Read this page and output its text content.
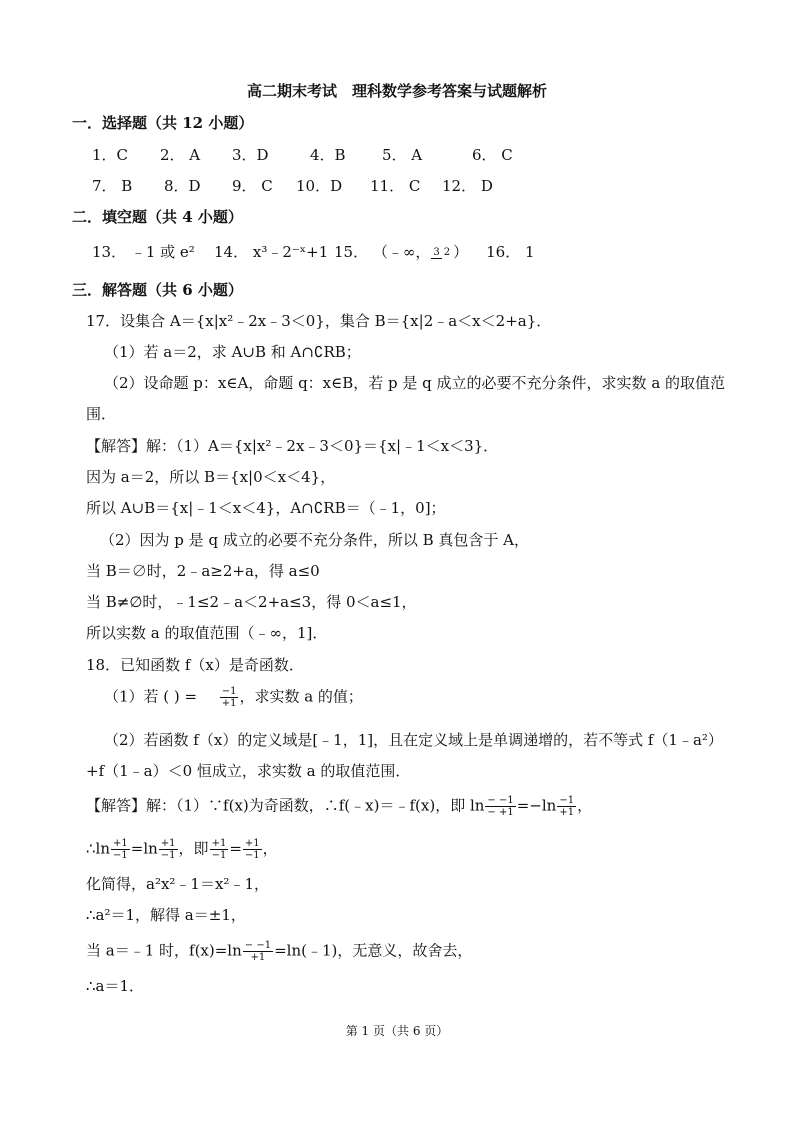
高二期末考试　理科数学参考答案与试题解析
一．选择题（共 12 小题）
1．C 2． A 3．D	4．B 5． A	6． C
7． B 8．D 9． C 10．D 11． C 12． D
二．填空题（共 4 小题）
13． ﹣1 或 e² 14． x³﹣2⁻ˣ+1 15． （﹣∞， 3 2 ） 16． 1
三．解答题（共 6 小题）
17．设集合 A＝{x|x²﹣2x﹣3＜0}，集合 B＝{x|2﹣a＜x＜2+a}．
（1）若 a＝2，求 A∪B 和 A∩∁RB；
（2）设命题 p：x∈A，命题 q：x∈B，若 p 是 q 成立的必要不充分条件，求实数 a 的取值范
围．
【解答】解：（1）A＝{x|x²﹣2x﹣3＜0}＝{x|﹣1＜x＜3}．
因为 a＝2，所以 B＝{x|0＜x＜4}，
所以 A∪B＝{x|﹣1＜x＜4}，A∩∁RB＝（﹣1，0]；
（2）因为 p 是 q 成立的必要不充分条件，所以 B 真包含于 A，
当 B＝∅时，2﹣a≥2+a，得 a≤0
当 B≠∅时，﹣1≤2﹣a＜2+a≤3，得 0＜a≤1，
所以实数 a 的取值范围（﹣∞，1]．
18．已知函数 f（x）是奇函数．
（1）若 ( ) = $\frac{-1}{+1}$ ，求实数 a 的值；
（2）若函数 f（x）的定义域是[﹣1，1]，且在定义域上是单调递增的，若不等式 f（1﹣a²）
+f（1﹣a）＜0 恒成立，求实数 a 的取值范围．
【解答】解：（1）∵f(x)为奇函数，∴f(﹣x)＝﹣f(x)，即 $\ln \frac{- -1}{- +1} =-\ln \frac{-1}{+1}$ ，
∴ln $\frac{+1}{-1} =\ln \frac{+1}{-1}$ ，即 $\frac{+1}{-1} = \frac{+1}{-1}$ ，
化简得，a²x²﹣1＝x²﹣1，
∴a²＝1，解得 a＝±1，
当 a＝﹣1 时，$f(x)=\ln \frac{- -1}{+1}$ =ln(﹣1)，无意义，故舍去，
∴a＝1．
第 1 页（共 6 页）
